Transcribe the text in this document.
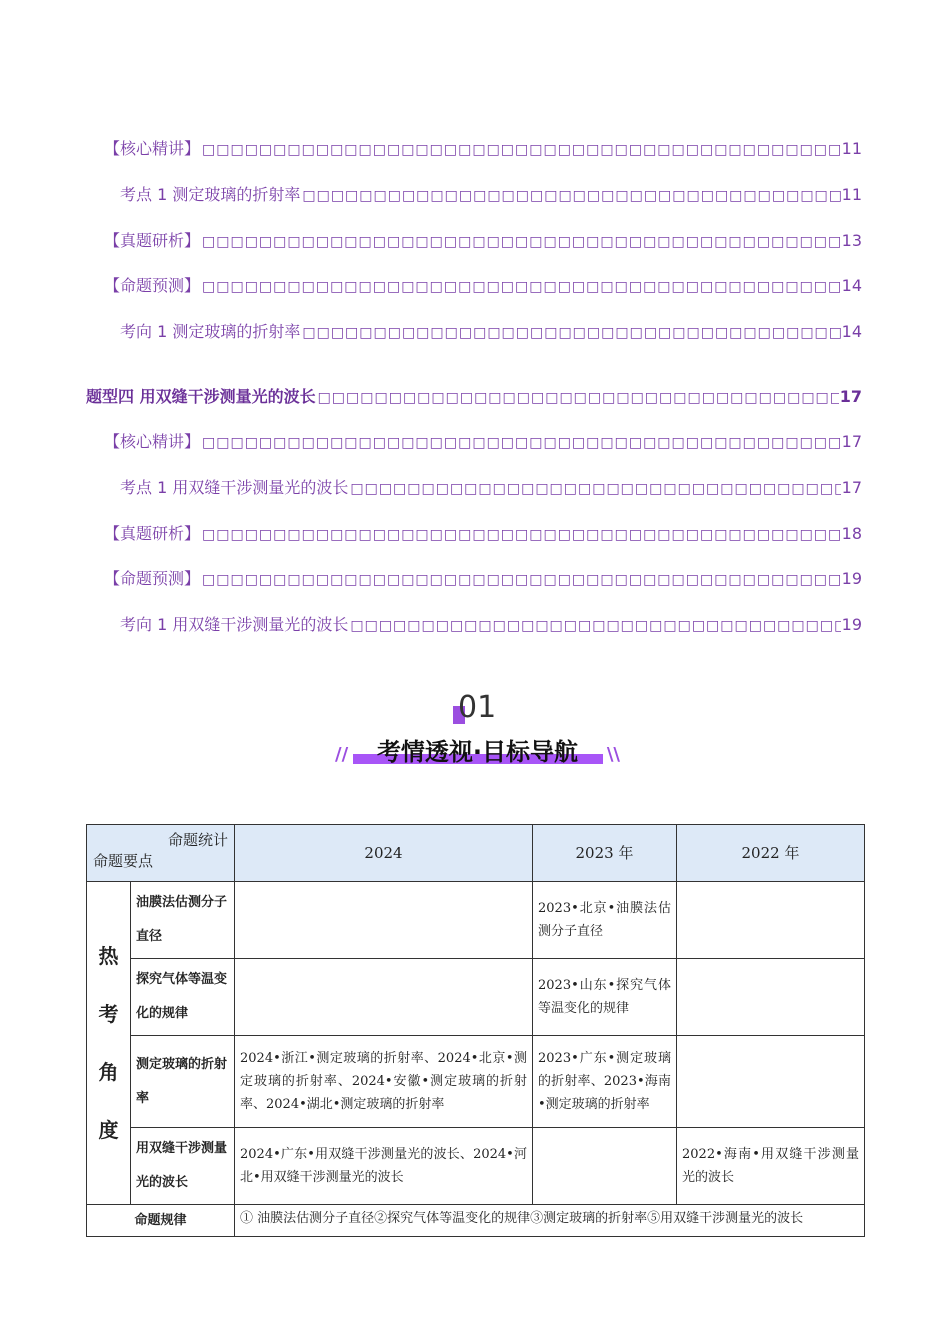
【核心精讲】 □□□□□□□□□□□□□□□□□□□□□□□□□□□□□□□□□□□□□□□□□□□□□□□□□□□□□□□□□□□□□□□□□□□□□□□□□□□□□□□□□□□□□□□□□□□□□□□□□□□□□□□□□□□□□□□□□□□□	11
考点 1 测定玻璃的折射率 □□□□□□□□□□□□□□□□□□□□□□□□□□□□□□□□□□□□□□□□□□□□□□□□□□□□□□□□□□□□□□□□□□□□□□□□□□□□□□□□□□□□□□□□□□□□□□□□□□□□□□□□□□□□□□□□□□□□	11
【真题研析】 □□□□□□□□□□□□□□□□□□□□□□□□□□□□□□□□□□□□□□□□□□□□□□□□□□□□□□□□□□□□□□□□□□□□□□□□□□□□□□□□□□□□□□□□□□□□□□□□□□□□□□□□□□□□□□□□□□□□	13
【命题预测】 □□□□□□□□□□□□□□□□□□□□□□□□□□□□□□□□□□□□□□□□□□□□□□□□□□□□□□□□□□□□□□□□□□□□□□□□□□□□□□□□□□□□□□□□□□□□□□□□□□□□□□□□□□□□□□□□□□□□	14
考向 1 测定玻璃的折射率 □□□□□□□□□□□□□□□□□□□□□□□□□□□□□□□□□□□□□□□□□□□□□□□□□□□□□□□□□□□□□□□□□□□□□□□□□□□□□□□□□□□□□□□□□□□□□□□□□□□□□□□□□□□□□□□□□□□□	14
题型四 用双缝干涉测量光的波长 □□□□□□□□□□□□□□□□□□□□□□□□□□□□□□□□□□□□□□□□□□□□□□□□□□□□□□□□□□□□□□□□□□□□□□□□□□□□□□□□□□□□□□□□□□□□□□□□□□□□□□□□□□□□□□□□□□□□	17
【核心精讲】 □□□□□□□□□□□□□□□□□□□□□□□□□□□□□□□□□□□□□□□□□□□□□□□□□□□□□□□□□□□□□□□□□□□□□□□□□□□□□□□□□□□□□□□□□□□□□□□□□□□□□□□□□□□□□□□□□□□□	17
考点 1 用双缝干涉测量光的波长 □□□□□□□□□□□□□□□□□□□□□□□□□□□□□□□□□□□□□□□□□□□□□□□□□□□□□□□□□□□□□□□□□□□□□□□□□□□□□□□□□□□□□□□□□□□□□□□□□□□□□□□□□□□□□□□□□□□□	17
【真题研析】 □□□□□□□□□□□□□□□□□□□□□□□□□□□□□□□□□□□□□□□□□□□□□□□□□□□□□□□□□□□□□□□□□□□□□□□□□□□□□□□□□□□□□□□□□□□□□□□□□□□□□□□□□□□□□□□□□□□□	18
【命题预测】 □□□□□□□□□□□□□□□□□□□□□□□□□□□□□□□□□□□□□□□□□□□□□□□□□□□□□□□□□□□□□□□□□□□□□□□□□□□□□□□□□□□□□□□□□□□□□□□□□□□□□□□□□□□□□□□□□□□□	19
考向 1 用双缝干涉测量光的波长 □□□□□□□□□□□□□□□□□□□□□□□□□□□□□□□□□□□□□□□□□□□□□□□□□□□□□□□□□□□□□□□□□□□□□□□□□□□□□□□□□□□□□□□□□□□□□□□□□□□□□□□□□□□□□□□□□□□□	19
01
//	考情透视·目标导航	\\
命题统计
命题要点		2024	2023 年	2022 年

热
考
角
度	油膜法估测分子直径		2023•北京•油膜法估测分子直径	
	探究气体等温变化的规律		2023•山东•探究气体等温变化的规律	
	测定玻璃的折射率	2024•浙江•测定玻璃的折射率、2024•北京•测定玻璃的折射率、2024•安徽•测定玻璃的折射率、2024•湖北•测定玻璃的折射率	2023•广东•测定玻璃的折射率、2023•海南•测定玻璃的折射率	
	用双缝干涉测量光的波长	2024•广东•用双缝干涉测量光的波长、2024•河北•用双缝干涉测量光的波长		2022•海南•用双缝干涉测量光的波长
命题规律		① 油膜法估测分子直径②探究气体等温变化的规律③测定玻璃的折射率⑤用双缝干涉测量光的波长		
